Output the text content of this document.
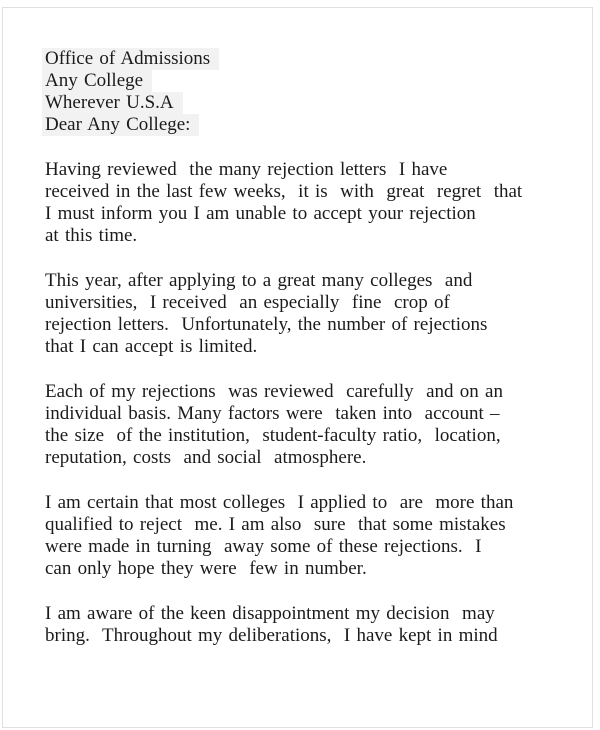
Office of Admissions
Any College
Wherever U.S.A
Dear Any College:
Having reviewed  the many rejection letters  I have
received in the last few weeks,  it is  with  great  regret  that
I must inform you I am unable to accept your rejection
at this time.
This year, after applying to a great many colleges  and
universities,  I received  an especially  fine  crop of
rejection letters.  Unfortunately, the number of rejections
that I can accept is limited.
Each of my rejections  was reviewed  carefully  and on an
individual basis. Many factors were  taken into  account –
the size  of the institution,  student-faculty ratio,  location,
reputation, costs  and social  atmosphere.
I am certain that most colleges  I applied to  are  more than
qualified to reject  me. I am also  sure  that some mistakes
were made in turning  away some of these rejections.  I
can only hope they were  few in number.
I am aware of the keen disappointment my decision  may
bring.  Throughout my deliberations,  I have kept in mind
